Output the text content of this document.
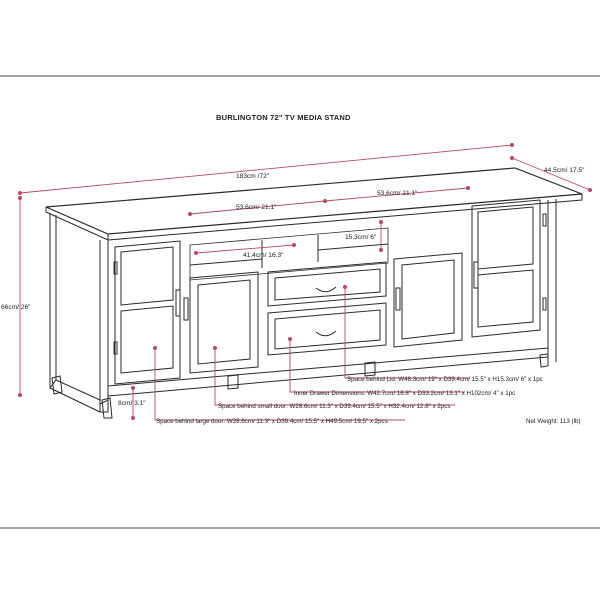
BURLINGTON 72" TV MEDIA STAND
183cm /72"
44.5cm/ 17.5"
66cm/ 26"
53.6cm/ 21.1"
53.6cm/ 21.1"
41.4cm/ 16.3"
15.3cm/ 6"
8cm/ 3.1"
Space behind Lid: W48.3cm/ 19" x D39.4cm/ 15.5" x H15.3cm/ 6" x 1pc
Inner Drawer Dimensions: W42.7cm/ 16.8" x D33.2cm/ 13.1" x H102cm/ 4" x 1pc
Space behind small door: W28.6cm/ 11.3" x D39.4cm/ 15.5" x H32.4cm/ 12.8" x 2pcs
Space behind large door: W28.6cm/ 11.3" x D39.4cm/ 15.5" x H49.5cm/ 19.5" x 2pcs	Net Weight: 113 (lb)
